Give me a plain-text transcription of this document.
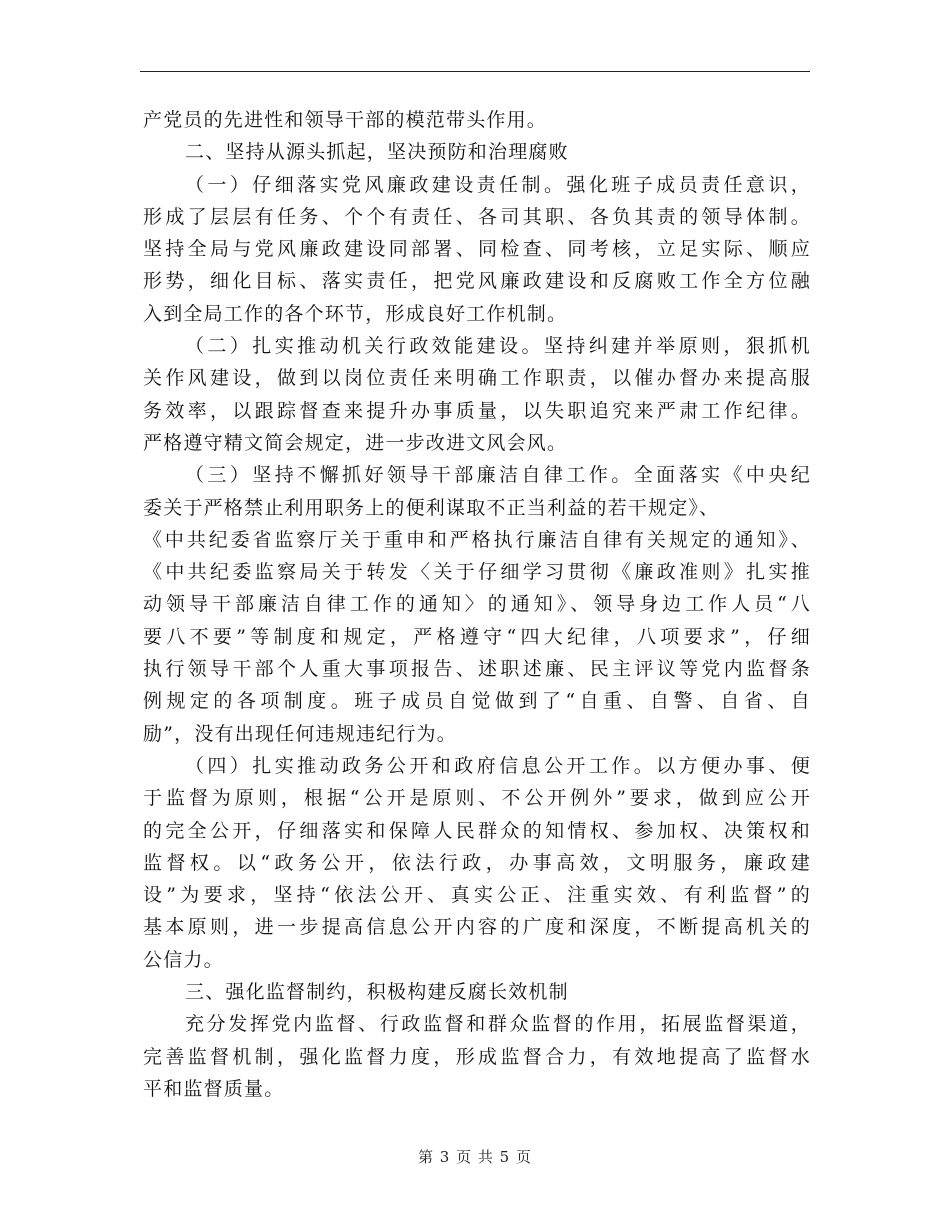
产党员的先进性和领导干部的模范带头作用。
二、坚持从源头抓起，坚决预防和治理腐败
（一）仔细落实党风廉政建设责任制。强化班子成员责任意识，
形成了层层有任务、个个有责任、各司其职、各负其责的领导体制。
坚持全局与党风廉政建设同部署、同检查、同考核，立足实际、顺应
形势，细化目标、落实责任，把党风廉政建设和反腐败工作全方位融
入到全局工作的各个环节，形成良好工作机制。
（二）扎实推动机关行政效能建设。坚持纠建并举原则，狠抓机
关作风建设，做到以岗位责任来明确工作职责，以催办督办来提高服
务效率，以跟踪督查来提升办事质量，以失职追究来严肃工作纪律。
严格遵守精文简会规定，进一步改进文风会风。
（三）坚持不懈抓好领导干部廉洁自律工作。全面落实《中央纪
委关于严格禁止利用职务上的便利谋取不正当利益的若干规定》、
《中共纪委省监察厅关于重申和严格执行廉洁自律有关规定的通知》、
《中共纪委监察局关于转发〈关于仔细学习贯彻《廉政准则》扎实推
动领导干部廉洁自律工作的通知〉的通知》、领导身边工作人员“八
要八不要”等制度和规定，严格遵守“四大纪律，八项要求”，仔细
执行领导干部个人重大事项报告、述职述廉、民主评议等党内监督条
例规定的各项制度。班子成员自觉做到了“自重、自警、自省、自
励”，没有出现任何违规违纪行为。
（四）扎实推动政务公开和政府信息公开工作。以方便办事、便
于监督为原则，根据“公开是原则、不公开例外”要求，做到应公开
的完全公开，仔细落实和保障人民群众的知情权、参加权、决策权和
监督权。以“政务公开，依法行政，办事高效，文明服务，廉政建
设”为要求，坚持“依法公开、真实公正、注重实效、有利监督”的
基本原则，进一步提高信息公开内容的广度和深度，不断提高机关的
公信力。
三、强化监督制约，积极构建反腐长效机制
充分发挥党内监督、行政监督和群众监督的作用，拓展监督渠道，
完善监督机制，强化监督力度，形成监督合力，有效地提高了监督水
平和监督质量。
第 3 页 共 5 页
